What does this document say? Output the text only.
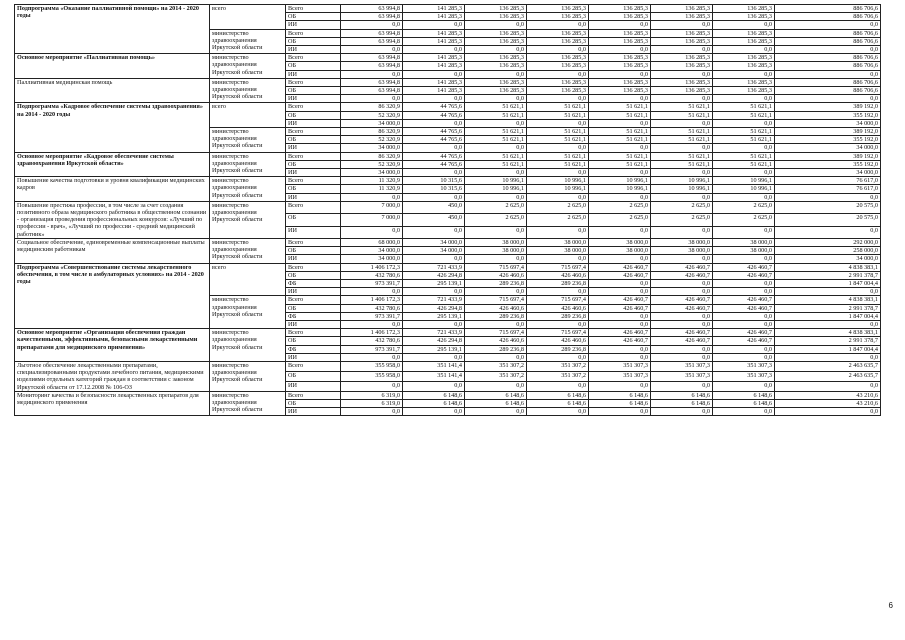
Подпрограмма «Оказание паллиативной помощи» на 2014 - 2020 годы	всего	Всего	63 994,8	141 285,3	136 285,3	136 285,3	136 285,3	136 285,3	136 285,3	886 706,6
		ОБ	63 994,8	141 285,3	136 285,3	136 285,3	136 285,3	136 285,3	136 285,3	886 706,6
		ИИ	0,0	0,0	0,0	0,0	0,0	0,0	0,0	0,0
	министерство здравоохранения Иркутской области	Всего	63 994,8	141 285,3	136 285,3	136 285,3	136 285,3	136 285,3	136 285,3	886 706,6
		ОБ	63 994,8	141 285,3	136 285,3	136 285,3	136 285,3	136 285,3	136 285,3	886 706,6
		ИИ	0,0	0,0	0,0	0,0	0,0	0,0	0,0	0,0
Основное мероприятие «Паллиативная помощь»	министерство здравоохранения Иркутской области	Всего	63 994,8	141 285,3	136 285,3	136 285,3	136 285,3	136 285,3	136 285,3	886 706,6
		ОБ	63 994,8	141 285,3	136 285,3	136 285,3	136 285,3	136 285,3	136 285,3	886 706,6
		ИИ	0,0	0,0	0,0	0,0	0,0	0,0	0,0	0,0
Паллиативная медицинская помощь	министерство здравоохранения Иркутской области	Всего	63 994,8	141 285,3	136 285,3	136 285,3	136 285,3	136 285,3	136 285,3	886 706,6
		ОБ	63 994,8	141 285,3	136 285,3	136 285,3	136 285,3	136 285,3	136 285,3	886 706,6
		ИИ	0,0	0,0	0,0	0,0	0,0	0,0	0,0	0,0
Подпрограмма «Кадровое обеспечение системы здравоохранения» на 2014 - 2020 годы	всего	Всего	86 320,9	44 765,6	51 621,1	51 621,1	51 621,1	51 621,1	51 621,1	389 192,0
		ОБ	52 320,9	44 765,6	51 621,1	51 621,1	51 621,1	51 621,1	51 621,1	355 192,0
		ИИ	34 000,0	0,0	0,0	0,0	0,0	0,0	0,0	34 000,0
	министерство здравоохранения Иркутской области	Всего	86 320,9	44 765,6	51 621,1	51 621,1	51 621,1	51 621,1	51 621,1	389 192,0
		ОБ	52 320,9	44 765,6	51 621,1	51 621,1	51 621,1	51 621,1	51 621,1	355 192,0
		ИИ	34 000,0	0,0	0,0	0,0	0,0	0,0	0,0	34 000,0
Основное мероприятие «Кадровое обеспечение системы здравоохранения Иркутской области»	министерство здравоохранения Иркутской области	Всего	86 320,9	44 765,6	51 621,1	51 621,1	51 621,1	51 621,1	51 621,1	389 192,0
		ОБ	52 320,9	44 765,6	51 621,1	51 621,1	51 621,1	51 621,1	51 621,1	355 192,0
		ИИ	34 000,0	0,0	0,0	0,0	0,0	0,0	0,0	34 000,0
Повышение качества подготовки и уровня квалификации медицинских кадров	министерство здравоохранения Иркутской области	Всего	11 320,9	10 315,6	10 996,1	10 996,1	10 996,1	10 996,1	10 996,1	76 617,0
		ОБ	11 320,9	10 315,6	10 996,1	10 996,1	10 996,1	10 996,1	10 996,1	76 617,0
		ИИ	0,0	0,0	0,0	0,0	0,0	0,0	0,0	0,0
Повышение престижа профессии, в том числе за счет создания позитивного образа медицинского работника в общественном сознании - организация проведения профессиональных конкурсов: «Лучший по профессии - врач», «Лучший по профессии - средний медицинский работник»	министерство здравоохранения Иркутской области	Всего	7 000,0	450,0	2 625,0	2 625,0	2 625,0	2 625,0	2 625,0	20 575,0
		ОБ	7 000,0	450,0	2 625,0	2 625,0	2 625,0	2 625,0	2 625,0	20 575,0
		ИИ	0,0	0,0	0,0	0,0	0,0	0,0	0,0	0,0
Социальное обеспечение, единовременные компенсационные выплаты медицинским работникам	министерство здравоохранения Иркутской области	Всего	68 000,0	34 000,0	38 000,0	38 000,0	38 000,0	38 000,0	38 000,0	292 000,0
		ОБ	34 000,0	34 000,0	38 000,0	38 000,0	38 000,0	38 000,0	38 000,0	258 000,0
		ИИ	34 000,0	0,0	0,0	0,0	0,0	0,0	0,0	34 000,0
Подпрограмма «Совершенствование системы лекарственного обеспечения, в том числе в амбулаторных условиях» на 2014 - 2020 годы	всего	Всего	1 406 172,3	721 433,9	715 697,4	715 697,4	426 460,7	426 460,7	426 460,7	4 838 383,1
		ОБ	432 780,6	426 294,8	426 460,6	426 460,6	426 460,7	426 460,7	426 460,7	2 991 378,7
		ФБ	973 391,7	295 139,1	289 236,8	289 236,8	0,0	0,0	0,0	1 847 004,4
		ИИ	0,0	0,0	0,0	0,0	0,0	0,0	0,0	0,0
	министерство здравоохранения Иркутской области	Всего	1 406 172,3	721 433,9	715 697,4	715 697,4	426 460,7	426 460,7	426 460,7	4 838 383,1
		ОБ	432 780,6	426 294,8	426 460,6	426 460,6	426 460,7	426 460,7	426 460,7	2 991 378,7
		ФБ	973 391,7	295 139,1	289 236,8	289 236,8	0,0	0,0	0,0	1 847 004,4
		ИИ	0,0	0,0	0,0	0,0	0,0	0,0	0,0	0,0
Основное мероприятие «Организация обеспечения граждан качественными, эффективными, безопасными лекарственными препаратами для медицинского применения»	министерство здравоохранения Иркутской области	Всего	1 406 172,3	721 433,9	715 697,4	715 697,4	426 460,7	426 460,7	426 460,7	4 838 383,1
		ОБ	432 780,6	426 294,8	426 460,6	426 460,6	426 460,7	426 460,7	426 460,7	2 991 378,7
		ФБ	973 391,7	295 139,1	289 236,8	289 236,8	0,0	0,0	0,0	1 847 004,4
		ИИ	0,0	0,0	0,0	0,0	0,0	0,0	0,0	0,0
Льготное обеспечение лекарственными препаратами, специализированными продуктами лечебного питания, медицинскими изделиями отдельных категорий граждан в соответствии с законом Иркутской области от 17.12.2008 № 106-ОЗ	министерство здравоохранения Иркутской области	Всего	355 958,0	351 141,4	351 307,2	351 307,2	351 307,3	351 307,3	351 307,3	2 463 635,7
		ОБ	355 958,0	351 141,4	351 307,2	351 307,2	351 307,3	351 307,3	351 307,3	2 463 635,7
		ИИ	0,0	0,0	0,0	0,0	0,0	0,0	0,0	0,0
Мониторинг качества и безопасности лекарственных препаратов для медицинского применения	министерство здравоохранения Иркутской области	Всего	6 319,0	6 148,6	6 148,6	6 148,6	6 148,6	6 148,6	6 148,6	43 210,6
		ОБ	6 319,0	6 148,6	6 148,6	6 148,6	6 148,6	6 148,6	6 148,6	43 210,6
		ИИ	0,0	0,0	0,0	0,0	0,0	0,0	0,0	0,0
6
